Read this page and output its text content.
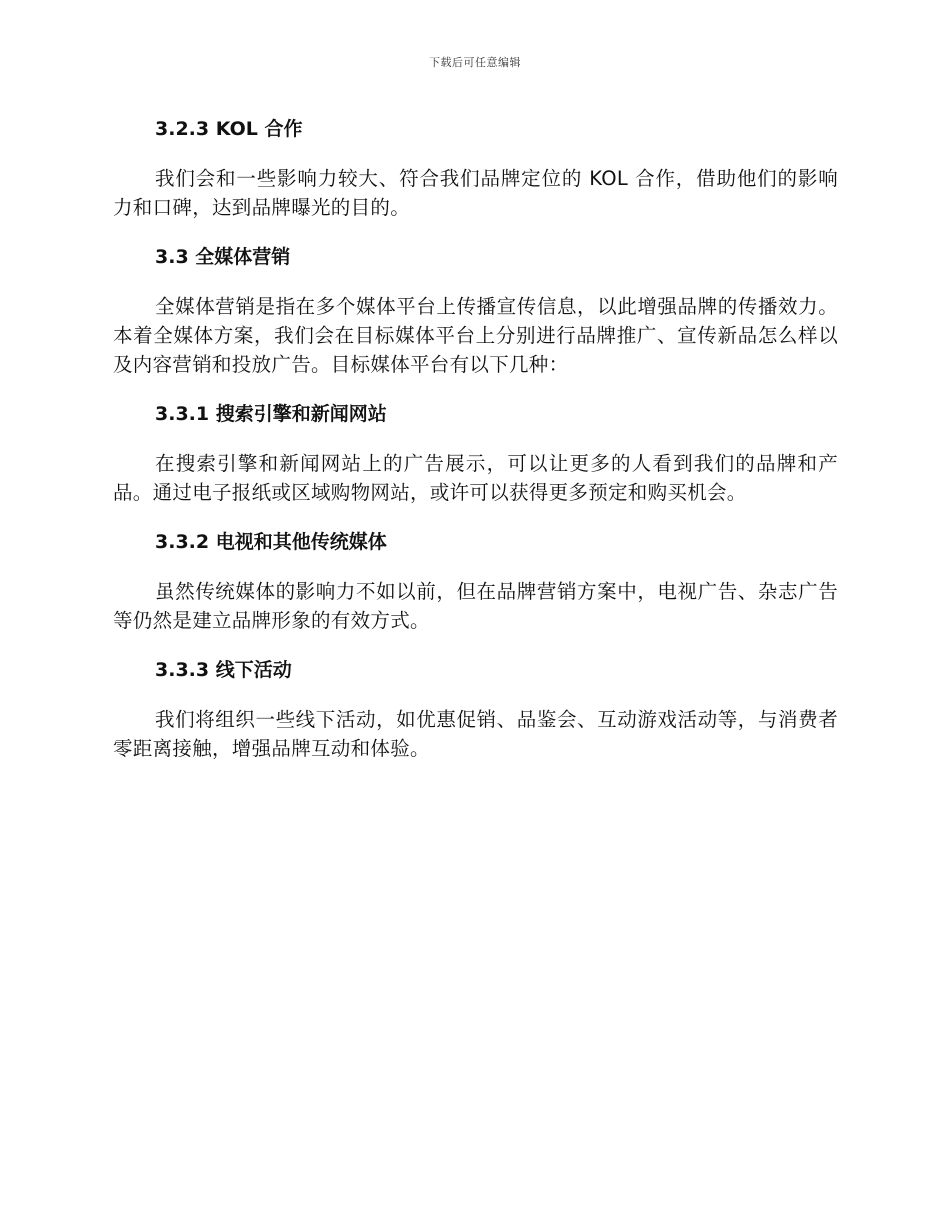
下载后可任意编辑
3.2.3 KOL 合作

我们会和一些影响力较大、符合我们品牌定位的 KOL 合作，借助他们的影响力和口碑，达到品牌曝光的目的。

3.3 全媒体营销

全媒体营销是指在多个媒体平台上传播宣传信息，以此增强品牌的传播效力。本着全媒体方案，我们会在目标媒体平台上分别进行品牌推广、宣传新品怎么样以及内容营销和投放广告。目标媒体平台有以下几种：

3.3.1 搜索引擎和新闻网站

在搜索引擎和新闻网站上的广告展示，可以让更多的人看到我们的品牌和产品。通过电子报纸或区域购物网站，或许可以获得更多预定和购买机会。

3.3.2 电视和其他传统媒体

虽然传统媒体的影响力不如以前，但在品牌营销方案中，电视广告、杂志广告等仍然是建立品牌形象的有效方式。

3.3.3 线下活动

我们将组织一些线下活动，如优惠促销、品鉴会、互动游戏活动等，与消费者零距离接触，增强品牌互动和体验。
